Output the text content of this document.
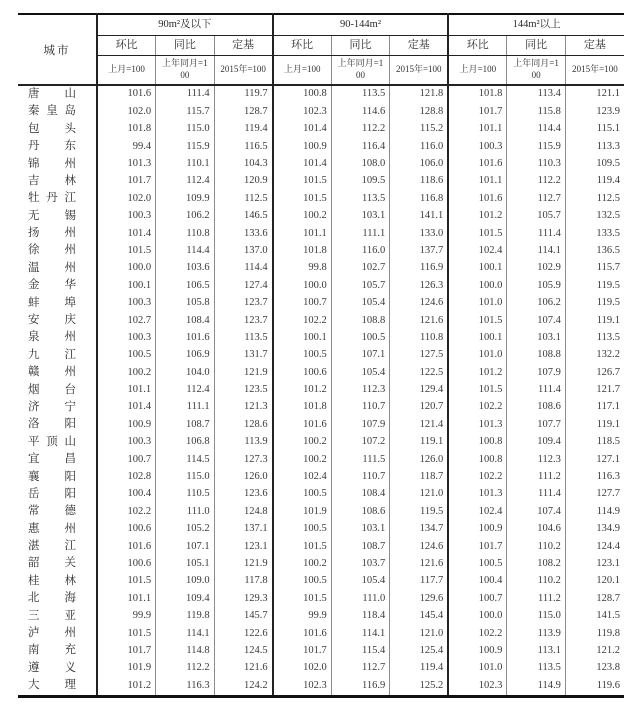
城市	90m²及以下			90-144m²			144m²以上		
	环比	同比	定基	环比	同比	定基	环比	同比	定基
	上月=100	上年同月=100	2015年=100	上月=100	上年同月=100	2015年=100	上月=100	上年同月=100	2015年=100

唐 山	101.6	111.4	119.7	100.8	113.5	121.8	101.8	113.4	121.1

秦 皇 岛	102.0	115.7	128.7	102.3	114.6	128.8	101.7	115.8	123.9

包 头	101.8	115.0	119.4	101.4	112.2	115.2	101.1	114.4	115.1

丹 东	99.4	115.9	116.5	100.9	116.4	116.0	100.3	115.9	113.3

锦 州	101.3	110.1	104.3	101.4	108.0	106.0	101.6	110.3	109.5

吉 林	101.7	112.4	120.9	101.5	109.5	118.6	101.1	112.2	119.4

牡 丹 江	102.0	109.9	112.5	101.5	113.5	116.8	101.6	112.7	112.5

无 锡	100.3	106.2	146.5	100.2	103.1	141.1	101.2	105.7	132.5

扬 州	101.4	110.8	133.6	101.1	111.1	133.0	101.5	111.4	133.5

徐 州	101.5	114.4	137.0	101.8	116.0	137.7	102.4	114.1	136.5

温 州	100.0	103.6	114.4	99.8	102.7	116.9	100.1	102.9	115.7

金 华	100.1	106.5	127.4	100.0	105.7	126.3	100.0	105.9	119.5

蚌 埠	100.3	105.8	123.7	100.7	105.4	124.6	101.0	106.2	119.5

安 庆	102.7	108.4	123.7	102.2	108.8	121.6	101.5	107.4	119.1

泉 州	100.3	101.6	113.5	100.1	100.5	110.8	100.1	103.1	113.5

九 江	100.5	106.9	131.7	100.5	107.1	127.5	101.0	108.8	132.2

赣 州	100.2	104.0	121.9	100.6	105.4	122.5	101.2	107.9	126.7

烟 台	101.1	112.4	123.5	101.2	112.3	129.4	101.5	111.4	121.7

济 宁	101.4	111.1	121.3	101.8	110.7	120.7	102.2	108.6	117.1

洛 阳	100.9	108.7	128.6	101.6	107.9	121.4	101.3	107.7	119.1

平 顶 山	100.3	106.8	113.9	100.2	107.2	119.1	100.8	109.4	118.5

宜 昌	100.7	114.5	127.3	100.2	111.5	126.0	100.8	112.3	127.1

襄 阳	102.8	115.0	126.0	102.4	110.7	118.7	102.2	111.2	116.3

岳 阳	100.4	110.5	123.6	100.5	108.4	121.0	101.3	111.4	127.7

常 德	102.2	111.0	124.8	101.9	108.6	119.5	102.4	107.4	114.9

惠 州	100.6	105.2	137.1	100.5	103.1	134.7	100.9	104.6	134.9

湛 江	101.6	107.1	123.1	101.5	108.7	124.6	101.7	110.2	124.4

韶 关	100.6	105.1	121.9	100.2	103.7	121.6	100.5	108.2	123.1

桂 林	101.5	109.0	117.8	100.5	105.4	117.7	100.4	110.2	120.1

北 海	101.1	109.4	129.3	101.5	111.0	129.6	100.7	111.2	128.7

三 亚	99.9	119.8	145.7	99.9	118.4	145.4	100.0	115.0	141.5

泸 州	101.5	114.1	122.6	101.6	114.1	121.0	102.2	113.9	119.8

南 充	101.7	114.8	124.5	101.7	115.4	125.4	100.9	113.1	121.2

遵 义	101.9	112.2	121.6	102.0	112.7	119.4	101.0	113.5	123.8

大 理	101.2	116.3	124.2	102.3	116.9	125.2	102.3	114.9	119.6
